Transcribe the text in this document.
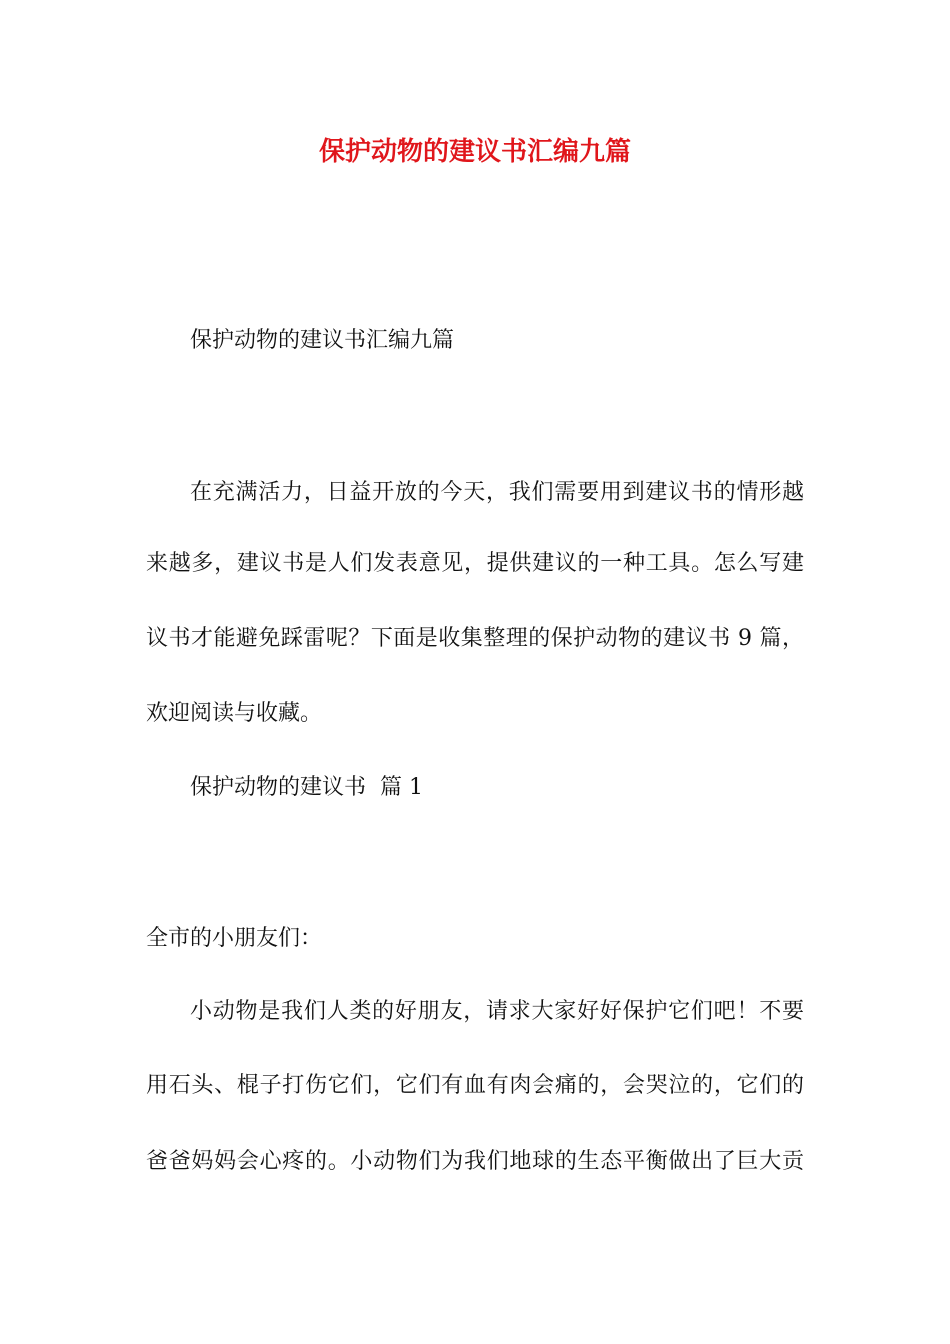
保护动物的建议书汇编九篇
保护动物的建议书汇编九篇
在充满活力，日益开放的今天，我们需要用到建议书的情形越
来越多，建议书是人们发表意见，提供建议的一种工具。怎么写建
议书才能避免踩雷呢？下面是收集整理的保护动物的建议书 9 篇，
欢迎阅读与收藏。
保护动物的建议书  篇 1
全市的小朋友们：
小动物是我们人类的好朋友，请求大家好好保护它们吧！不要
用石头、棍子打伤它们，它们有血有肉会痛的，会哭泣的，它们的
爸爸妈妈会心疼的。小动物们为我们地球的生态平衡做出了巨大贡
